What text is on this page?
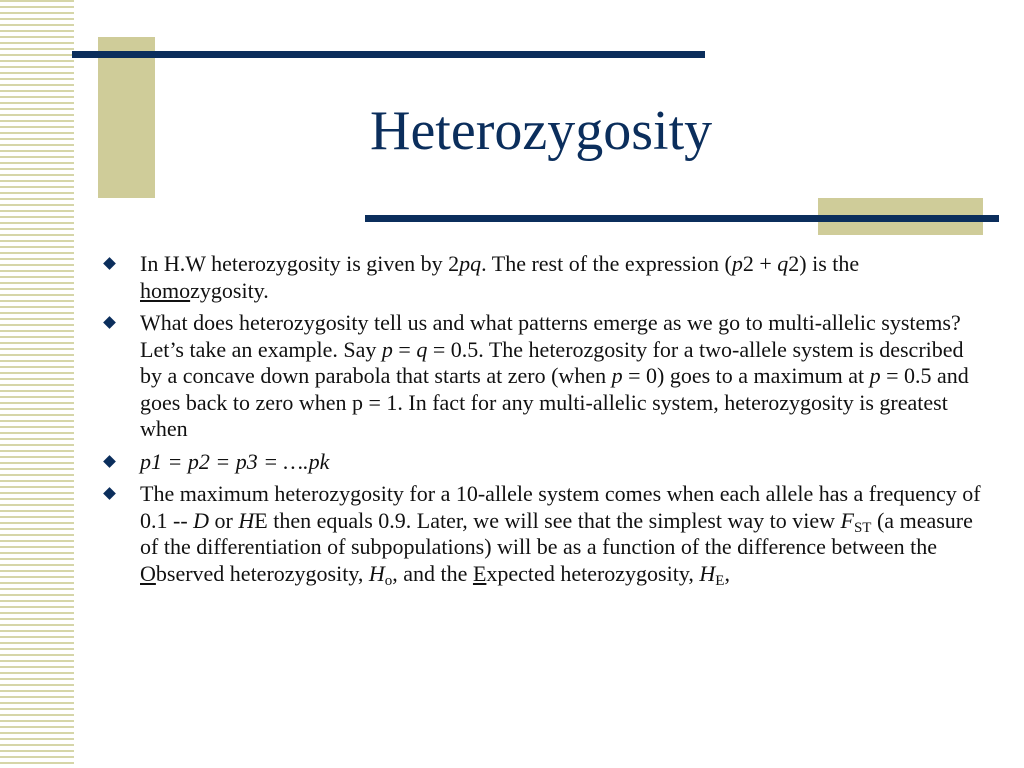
Heterozygosity
In H.W heterozygosity is given by 2pq. The rest of the expression (p2 + q2) is the homozygosity.
What does heterozygosity tell us and what patterns emerge as we go to multi-allelic systems? Let’s take an example. Say p = q = 0.5. The heterozgosity for a two-allele system is described by a concave down parabola that starts at zero (when p = 0) goes to a maximum at p = 0.5 and goes back to zero when p = 1. In fact for any multi-allelic system, heterozygosity is greatest when
p1 = p2 = p3 = ….pk
The maximum heterozygosity for a 10-allele system comes when each allele has a frequency of 0.1 -- D or HE then equals 0.9. Later, we will see that the simplest way to view $F_{ST}$ (a measure of the differentiation of subpopulations) will be as a function of the difference between the Observed heterozygosity, $H_o$, and the Expected heterozygosity, $H_E$,
